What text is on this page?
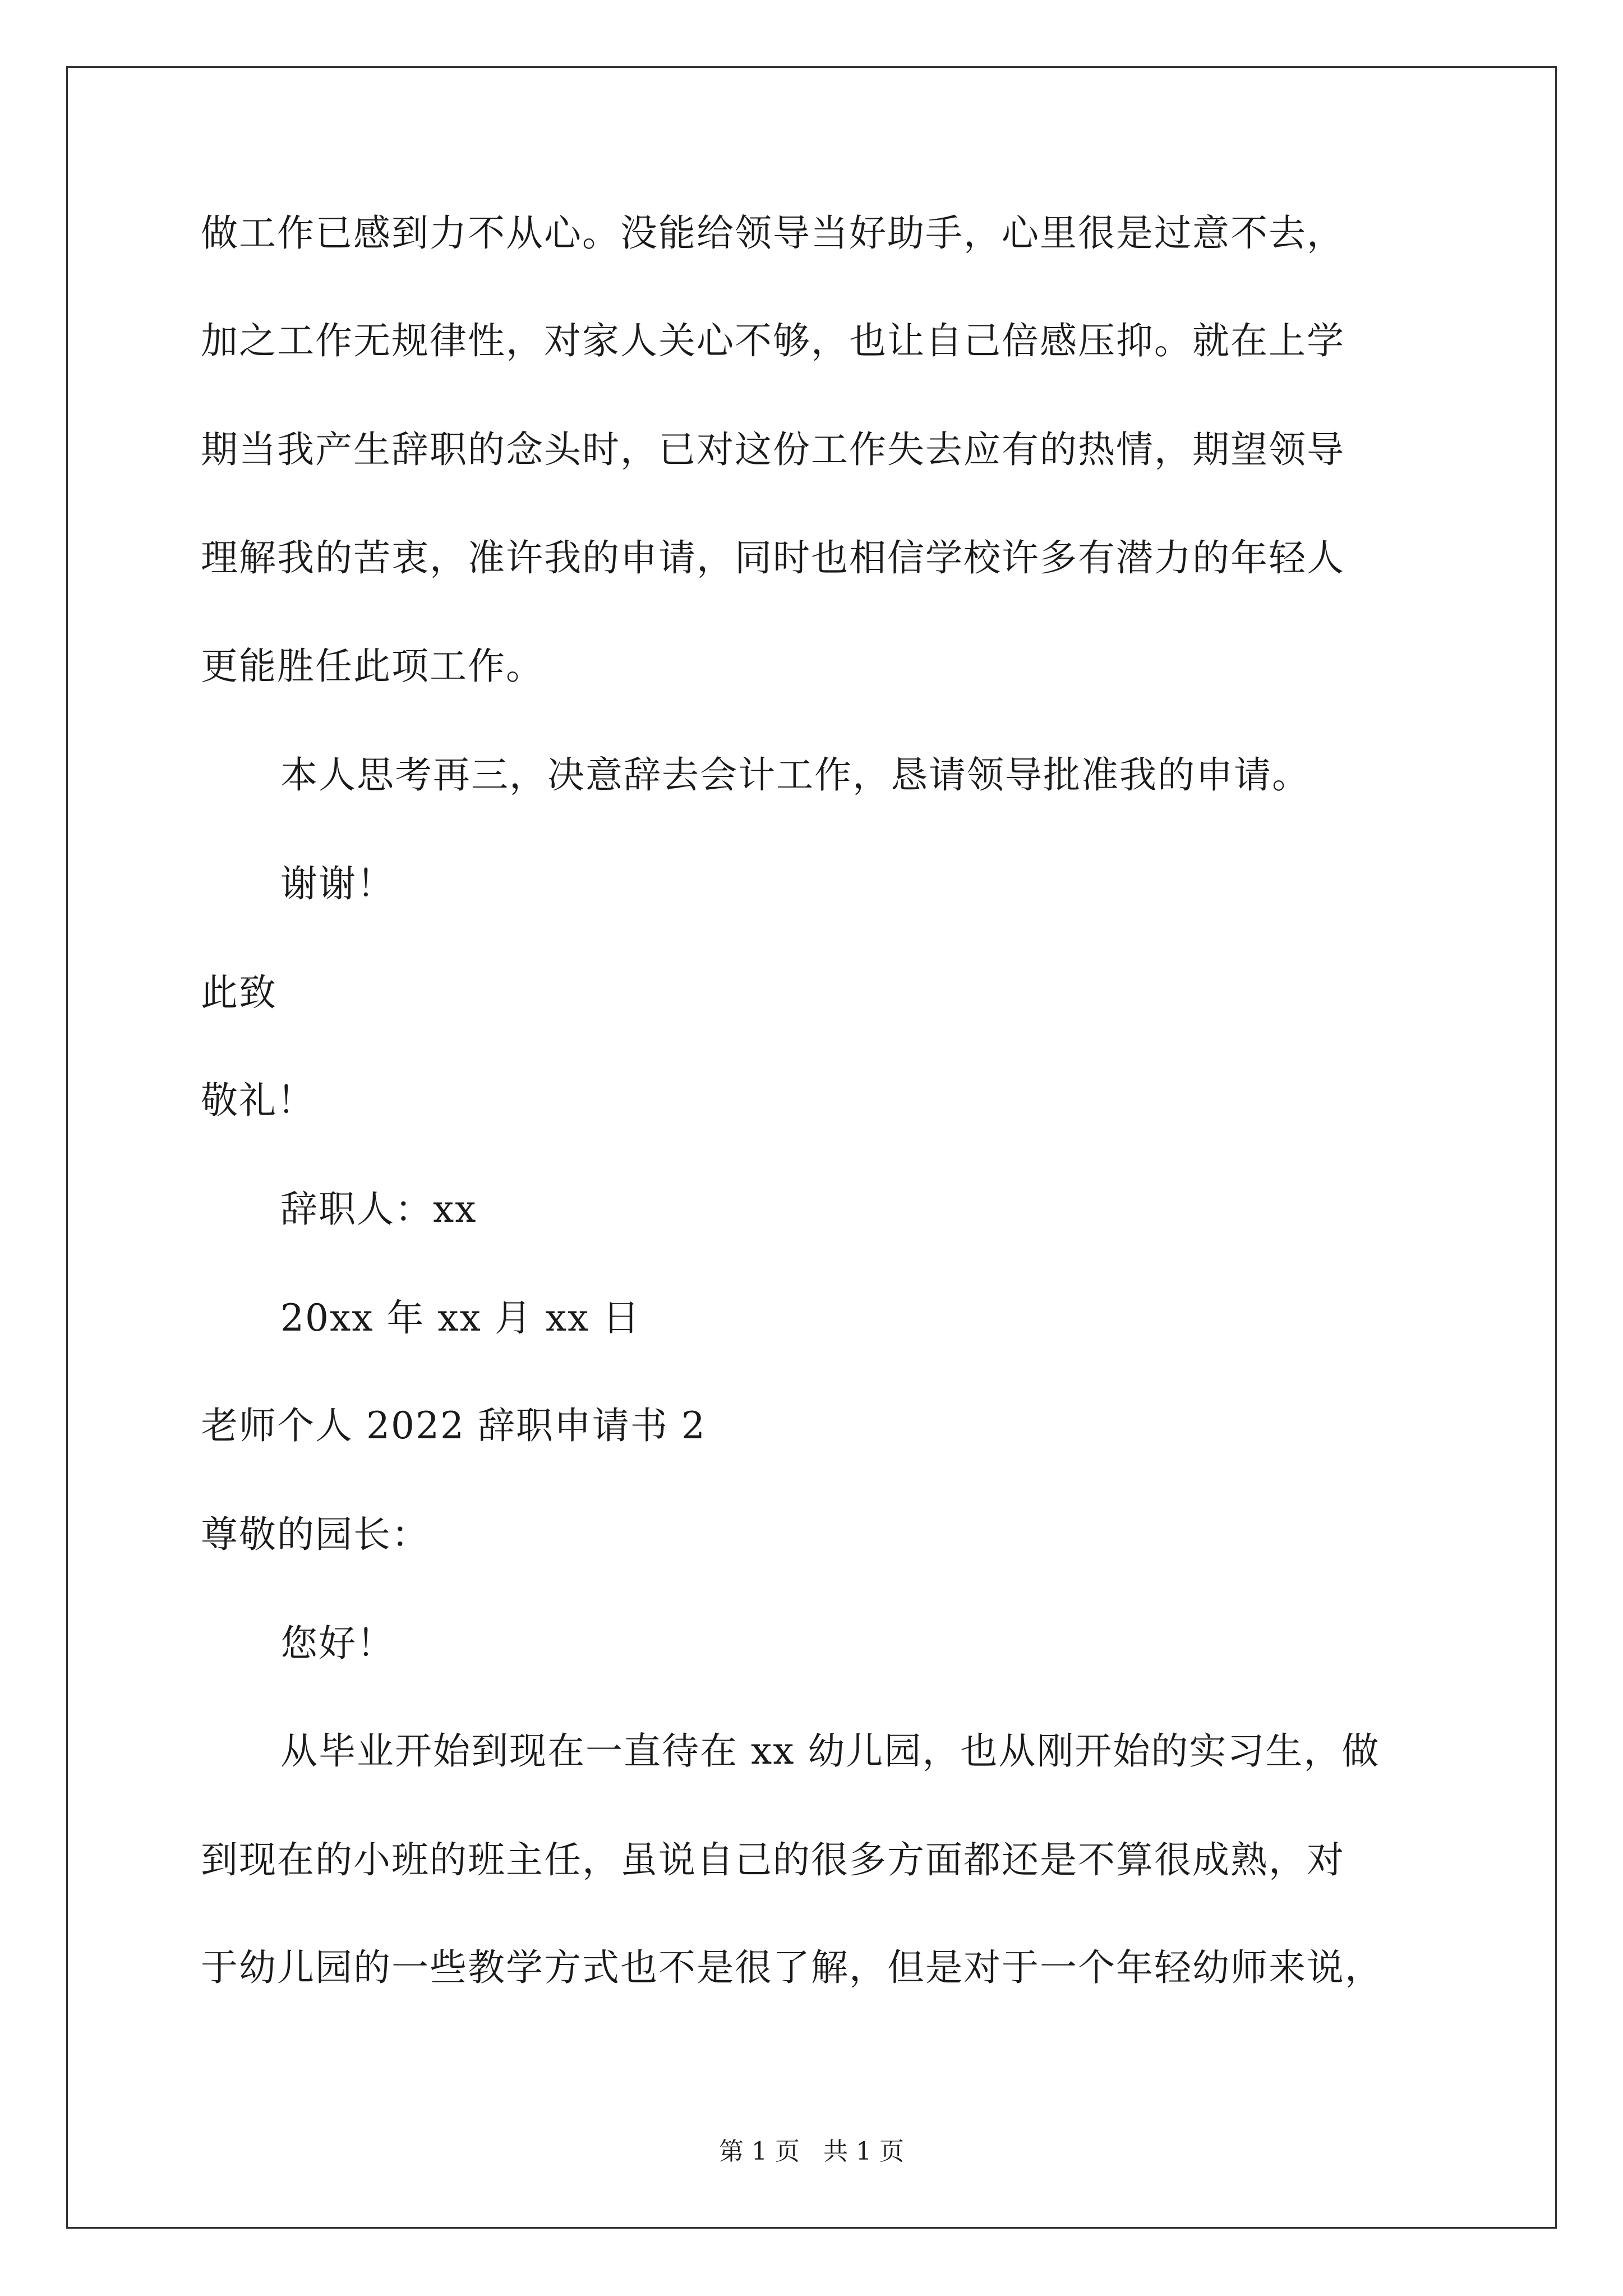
做工作已感到力不从心。没能给领导当好助手，心里很是过意不去，
加之工作无规律性，对家人关心不够，也让自己倍感压抑。就在上学
期当我产生辞职的念头时，已对这份工作失去应有的热情，期望领导
理解我的苦衷，准许我的申请，同时也相信学校许多有潜力的年轻人
更能胜任此项工作。
本人思考再三，决意辞去会计工作，恳请领导批准我的申请。
谢谢！
此致
敬礼！
辞职人：xx
20xx 年 xx 月 xx 日
老师个人 2022 辞职申请书 2
尊敬的园长：
您好！
从毕业开始到现在一直待在 xx 幼儿园，也从刚开始的实习生，做
到现在的小班的班主任，虽说自己的很多方面都还是不算很成熟，对
于幼儿园的一些教学方式也不是很了解，但是对于一个年轻幼师来说，
第 1 页   共 1 页
